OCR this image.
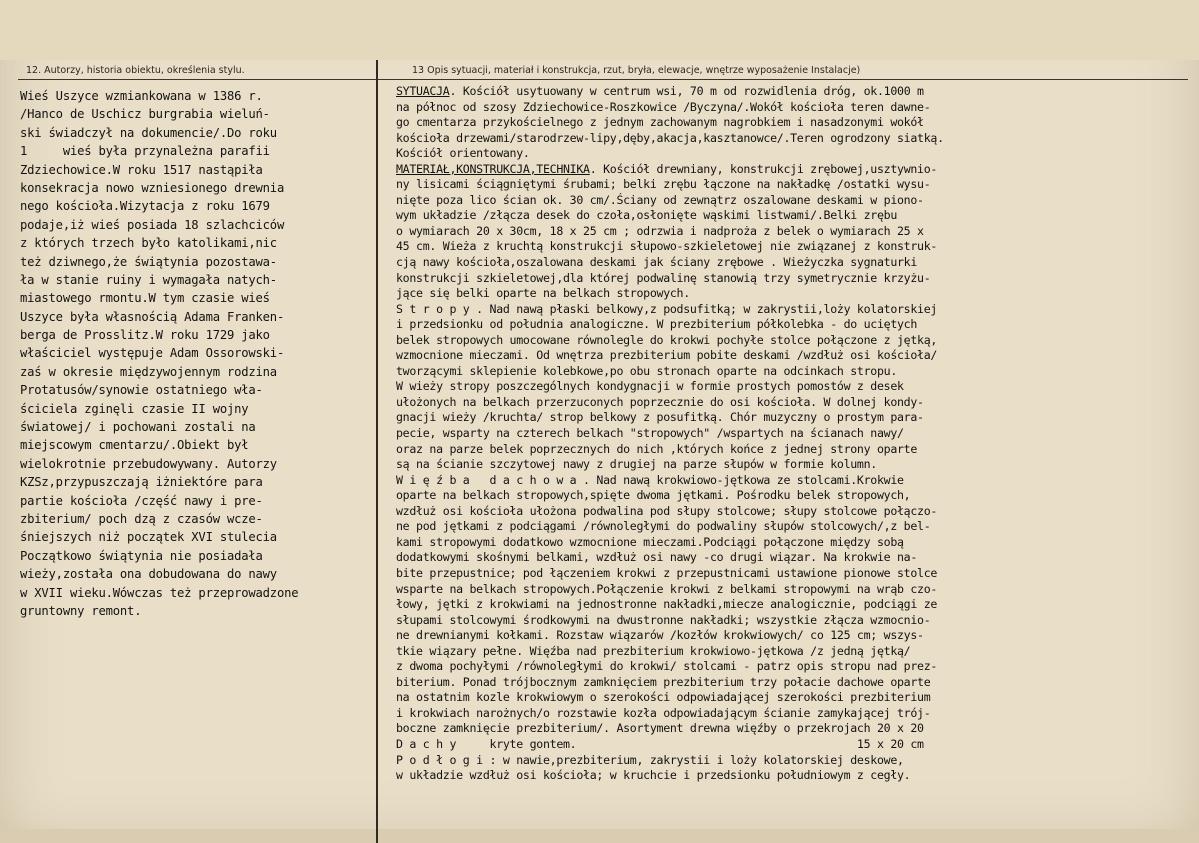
12. Autorzy, historia obiektu, określenia stylu.	13 Opis sytuacji, materiał i konstrukcja, rzut, bryła, elewacje, wnętrze wyposażenie Instalacje)
Wieś Uszyce wzmiankowana w 1386 r.
/Hanco de Uschicz burgrabia wieluń-
ski świadczył na dokumencie/.Do roku
1     wieś była przynależna parafii
Zdziechowice.W roku 1517 nastąpiła
konsekracja nowo wzniesionego drewnia
nego kościoła.Wizytacja z roku 1679
podaje,iż wieś posiada 18 szlachciców
z których trzech było katolikami,nic
też dziwnego,że świątynia pozostawa-
ła w stanie ruiny i wymagała natych-
miastowego rmontu.W tym czasie wieś
Uszyce była własnością Adama Franken-
berga de Prosslitz.W roku 1729 jako
właściciel występuje Adam Ossorowski-
zaś w okresie międzywojennym rodzina
Protatusów/synowie ostatniego wła-
ściciela zginęli czasie II wojny
światowej/ i pochowani zostali na
miejscowym cmentarzu/.Obiekt był
wielokrotnie przebudowywany. Autorzy
KZSz,przypuszczają iżniektóre para
partie kościoła /część nawy i pre-
zbiterium/ poch dzą z czasów wcze-
śniejszych niż początek XVI stulecia
Początkowo świątynia nie posiadała
wieży,została ona dobudowana do nawy
w XVII wieku.Wówczas też przeprowadzone
gruntowny remont.
SYTUACJA. Kościół usytuowany w centrum wsi, 70 m od rozwidlenia dróg, ok.1000 m
na północ od szosy Zdziechowice-Roszkowice /Byczyna/.Wokół kościoła teren dawne-
go cmentarza przykościelnego z jednym zachowanym nagrobkiem i nasadzonymi wokół
kościoła drzewami/starodrzew-lipy,dęby,akacja,kasztanowce/.Teren ogrodzony siatką.
Kościół orientowany.
MATERIAŁ,KONSTRUKCJA,TECHNIKA. Kościół drewniany, konstrukcji zrębowej,usztywnio-
ny lisicami ściągniętymi śrubami; belki zrębu łączone na nakładkę /ostatki wysu-
nięte poza lico ścian ok. 30 cm/.Ściany od zewnątrz oszalowane deskami w piono-
wym układzie /złącza desek do czoła,osłonięte wąskimi listwami/.Belki zrębu
o wymiarach 20 x 30cm, 18 x 25 cm ; odrzwia i nadproża z belek o wymiarach 25 x
45 cm. Wieża z kruchtą konstrukcji słupowo-szkieletowej nie związanej z konstruk-
cją nawy kościoła,oszalowana deskami jak ściany zrębowe . Wieżyczka sygnaturki
konstrukcji szkieletowej,dla której podwalinę stanowią trzy symetrycznie krzyżu-
jące się belki oparte na belkach stropowych.
S t r o p y . Nad nawą płaski belkowy,z podsufitką; w zakrystii,loży kolatorskiej
i przedsionku od południa analogiczne. W prezbiterium półkolebka - do uciętych
belek stropowych umocowane równolegle do krokwi pochyłe stolce połączone z jętką,
wzmocnione mieczami. Od wnętrza prezbiterium pobite deskami /wzdłuż osi kościoła/
tworzącymi sklepienie kolebkowe,po obu stronach oparte na odcinkach stropu.
W wieży stropy poszczególnych kondygnacji w formie prostych pomostów z desek
ułożonych na belkach przerzuconych poprzecznie do osi kościoła. W dolnej kondy-
gnacji wieży /kruchta/ strop belkowy z posufitką. Chór muzyczny o prostym para-
pecie, wsparty na czterech belkach "stropowych" /wspartych na ścianach nawy/
oraz na parze belek poprzecznych do nich ,których końce z jednej strony oparte
są na ścianie szczytowej nawy z drugiej na parze słupów w formie kolumn.
W i ę ź b a   d a c h o w a . Nad nawą krokwiowo-jętkowa ze stolcami.Krokwie
oparte na belkach stropowych,spięte dwoma jętkami. Pośrodku belek stropowych,
wzdłuż osi kościoła ułożona podwalina pod słupy stolcowe; słupy stolcowe połączo-
ne pod jętkami z podciągami /równoległymi do podwaliny słupów stolcowych/,z bel-
kami stropowymi dodatkowo wzmocnione mieczami.Podciągi połączone między sobą
dodatkowymi skośnymi belkami, wzdłuż osi nawy -co drugi wiązar. Na krokwie na-
bite przepustnice; pod łączeniem krokwi z przepustnicami ustawione pionowe stolce
wsparte na belkach stropowych.Połączenie krokwi z belkami stropowymi na wrąb czo-
łowy, jętki z krokwiami na jednostronne nakładki,miecze analogicznie, podciągi ze
słupami stolcowymi środkowymi na dwustronne nakładki; wszystkie złącza wzmocnio-
ne drewnianymi kołkami. Rozstaw wiązarów /kozłów krokwiowych/ co 125 cm; wszys-
tkie wiązary pełne. Więźba nad prezbiterium krokwiowo-jętkowa /z jedną jętką/
z dwoma pochyłymi /równoległymi do krokwi/ stolcami - patrz opis stropu nad prez-
biterium. Ponad trójbocznym zamknięciem prezbiterium trzy połacie dachowe oparte
na ostatnim kozle krokwiowym o szerokości odpowiadającej szerokości prezbiterium
i krokwiach narożnych/o rozstawie kozła odpowiadającym ścianie zamykającej trój-
boczne zamknięcie prezbiterium/. Asortyment drewna więźby o przekrojach 20 x 20
D a c h y     kryte gontem.                                          15 x 20 cm
P o d ł o g i : w nawie,prezbiterium, zakrystii i loży kolatorskiej deskowe,
w układzie wzdłuż osi kościoła; w kruchcie i przedsionku południowym z cegły.
